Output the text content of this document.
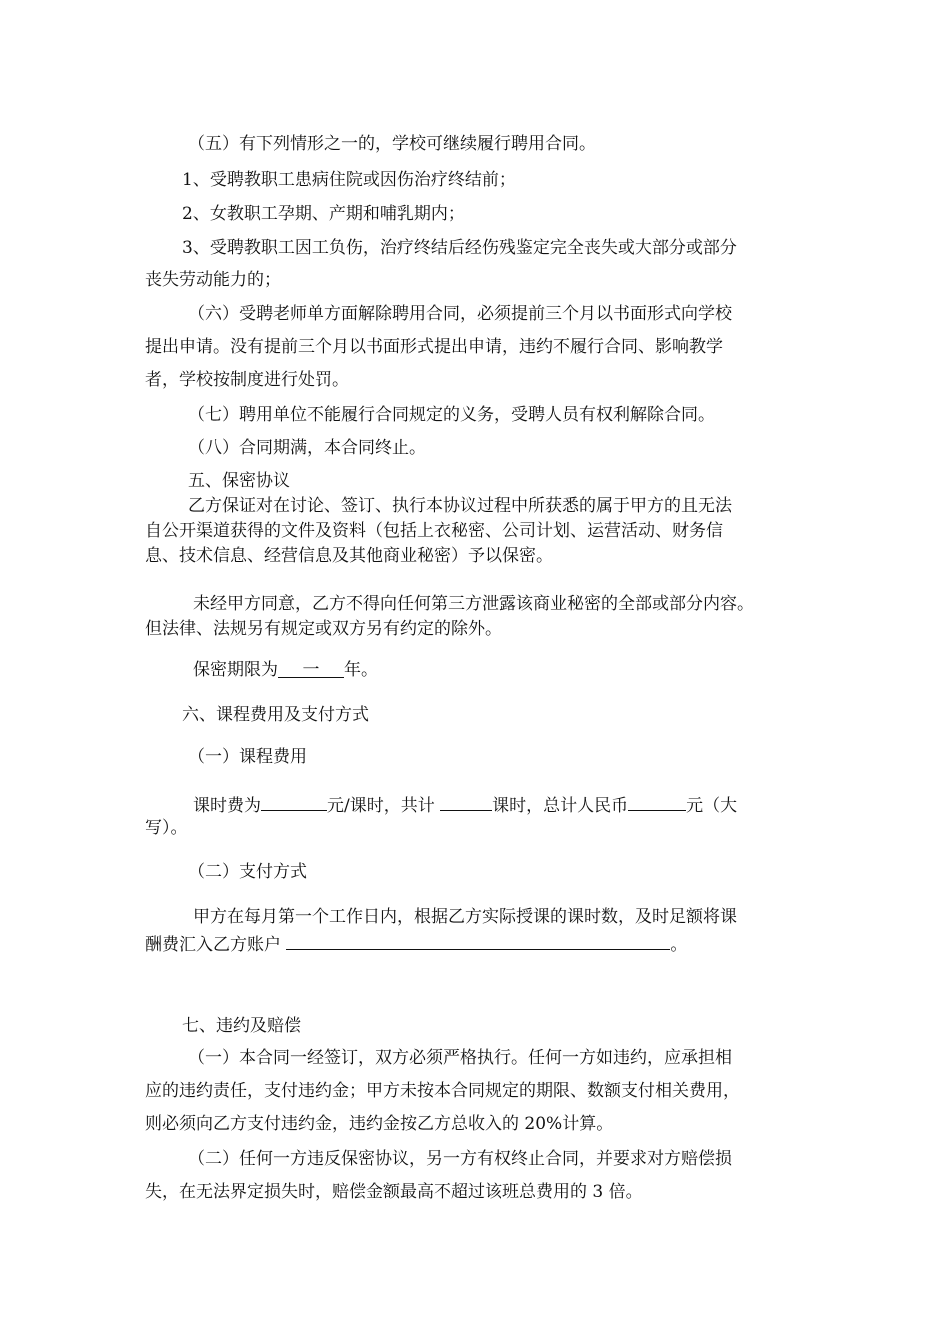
（五）有下列情形之一的，学校可继续履行聘用合同。

1、受聘教职工患病住院或因伤治疗终结前；

2、女教职工孕期、产期和哺乳期内；

3、受聘教职工因工负伤，治疗终结后经伤残鉴定完全丧失或大部分或部分

丧失劳动能力的；

（六）受聘老师单方面解除聘用合同，必须提前三个月以书面形式向学校

提出申请。没有提前三个月以书面形式提出申请，违约不履行合同、影响教学

者，学校按制度进行处罚。

（七）聘用单位不能履行合同规定的义务，受聘人员有权利解除合同。

（八）合同期满，本合同终止。

五、保密协议

乙方保证对在讨论、签订、执行本协议过程中所获悉的属于甲方的且无法

自公开渠道获得的文件及资料（包括上衣秘密、公司计划、运营活动、财务信

息、技术信息、经营信息及其他商业秘密）予以保密。

未经甲方同意，乙方不得向任何第三方泄露该商业秘密的全部或部分内容。

但法律、法规另有规定或双方另有约定的除外。

保密期限为 一 年。

六、课程费用及支付方式

（一）课程费用

课时费为	元/课时，共计	课时，总计人民币	元（大

写）。

（二）支付方式

甲方在每月第一个工作日内，根据乙方实际授课的课时数，及时足额将课

酬费汇入乙方账户	。

七、违约及赔偿

（一）本合同一经签订，双方必须严格执行。任何一方如违约，应承担相

应的违约责任，支付违约金；甲方未按本合同规定的期限、数额支付相关费用，

则必须向乙方支付违约金，违约金按乙方总收入的 20%计算。

（二）任何一方违反保密协议，另一方有权终止合同，并要求对方赔偿损

失，在无法界定损失时，赔偿金额最高不超过该班总费用的 3 倍。
